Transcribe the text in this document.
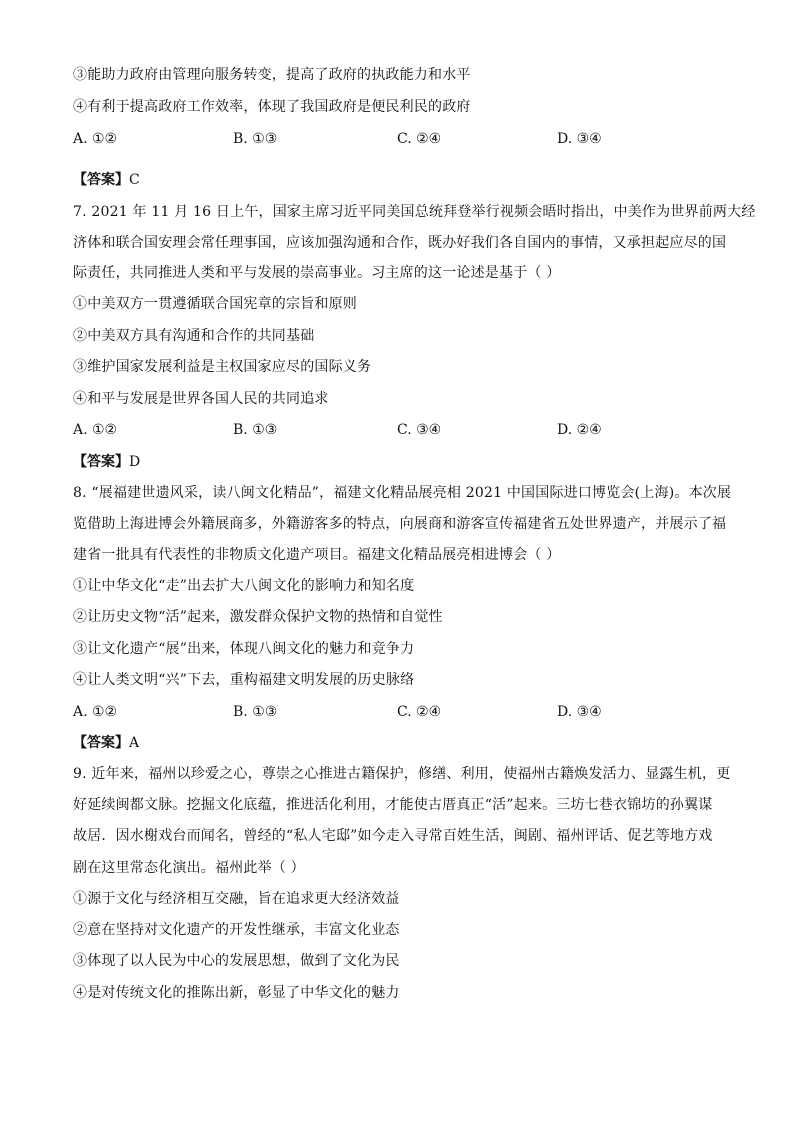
③能助力政府由管理向服务转变，提高了政府的执政能力和水平
④有利于提高政府工作效率，体现了我国政府是便民利民的政府
A. ①②	B. ①③	C. ②④	D. ③④
【答案】C
7. 2021 年 11 月 16 日上午，国家主席习近平同美国总统拜登举行视频会晤时指出，中美作为世界前两大经
济体和联合国安理会常任理事国，应该加强沟通和合作，既办好我们各自国内的事情，又承担起应尽的国
际责任，共同推进人类和平与发展的崇高事业。习主席的这一论述是基于（ ）
①中美双方一贯遵循联合国宪章的宗旨和原则
②中美双方具有沟通和合作的共同基础
③维护国家发展利益是主权国家应尽的国际义务
④和平与发展是世界各国人民的共同追求
A. ①②	B. ①③	C. ③④	D. ②④
【答案】D
8. “展福建世遗风采，读八闽文化精品”，福建文化精品展亮相 2021 中国国际进口博览会(上海)。本次展
览借助上海进博会外籍展商多，外籍游客多的特点，向展商和游客宣传福建省五处世界遗产，并展示了福
建省一批具有代表性的非物质文化遗产项目。福建文化精品展亮相进博会（ ）
①让中华文化“走”出去扩大八闽文化的影响力和知名度
②让历史文物“活”起来，激发群众保护文物的热情和自觉性
③让文化遗产“展”出来，体现八闽文化的魅力和竞争力
④让人类文明“兴”下去，重构福建文明发展的历史脉络
A. ①②	B. ①③	C. ②④	D. ③④
【答案】A
9. 近年来，福州以珍爱之心，尊崇之心推进古籍保护，修缮、利用，使福州古籍焕发活力、显露生机，更
好延续闽都文脉。挖掘文化底蕴，推进活化利用，才能使古厝真正“活”起来。三坊七巷衣锦坊的孙翼谋
故居．因水榭戏台而闻名，曾经的“私人宅邸”如今走入寻常百姓生活，闽剧、福州评话、促艺等地方戏
剧在这里常态化演出。福州此举（ ）
①源于文化与经济相互交融，旨在追求更大经济效益
②意在坚持对文化遗产的开发性继承，丰富文化业态
③体现了以人民为中心的发展思想，做到了文化为民
④是对传统文化的推陈出新，彰显了中华文化的魅力
